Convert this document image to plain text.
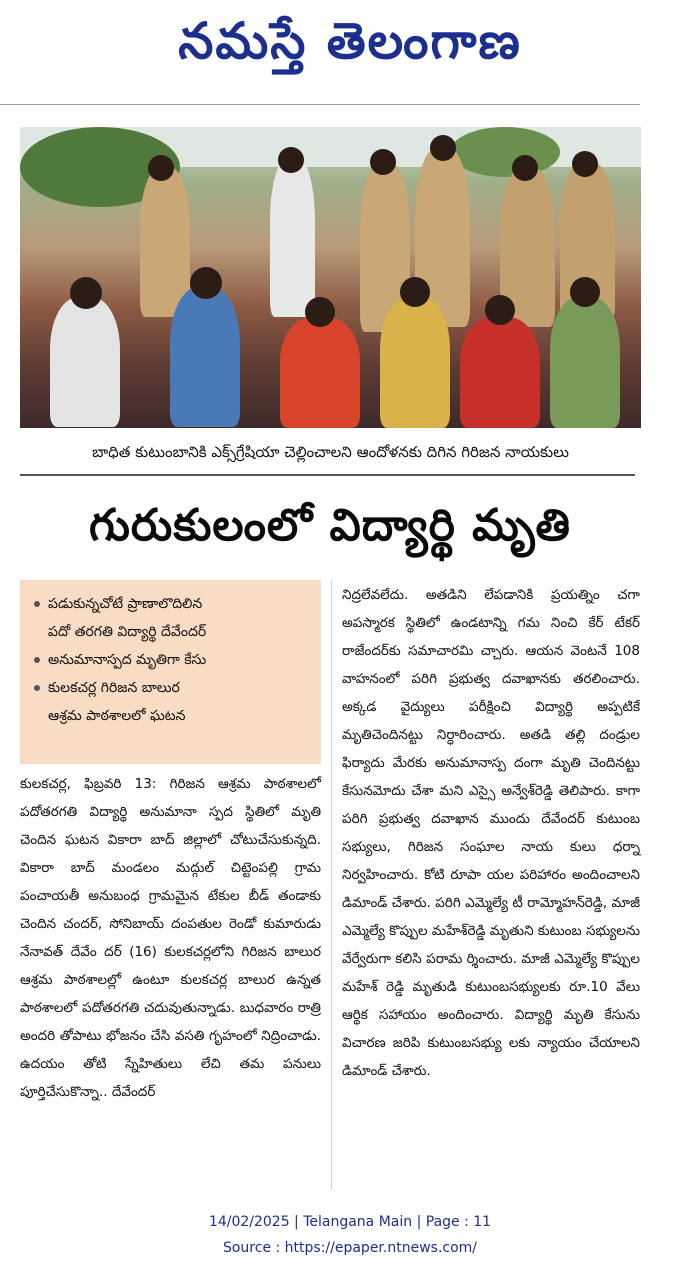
నమస్తే తెలంగాణ
బాధిత కుటుంబానికి ఎక్స్‌గ్రేషియా చెల్లించాలని ఆందోళనకు దిగిన గిరిజన నాయకులు
గురుకులంలో విద్యార్థి మృతి
పడుకున్నచోటే ప్రాణాలొదిలిన
పదో తరగతి విద్యార్థి దేవేందర్
అనుమానాస్పద మృతిగా కేసు
కులకచర్ల గిరిజన బాలుర
ఆశ్రమ పాఠశాలలో ఘటన
కులకచర్ల, ఫిబ్రవరి 13: గిరిజన ఆశ్రమ పాఠశాలలో పదోతరగతి విద్యార్థి అనుమానా స్పద స్థితిలో మృతి చెందిన ఘటన వికారా బాద్ జిల్లాలో చోటుచేసుకున్నది. వికారా బాద్ మండలం మద్గుల్ చిట్టెంపల్లి గ్రామ పంచాయతీ అనుబంధ గ్రామమైన టేకుల బీడ్ తండాకు చెందిన చందర్, సోనిబాయ్ దంపతుల రెండో కుమారుడు నేనావత్ దేవేం దర్ (16) కులకచర్లలోని గిరిజన బాలుర ఆశ్రమ పాఠశాలల్లో ఉంటూ కులకచర్ల బాలుర ఉన్నత పాఠశాలలో పదోతరగతి చదువుతున్నాడు. బుధవారం రాత్రి అందరి తోపాటు భోజనం చేసి వసతి గృహంలో నిద్రించాడు. ఉదయం తోటి స్నేహితులు లేచి తమ పనులు పూర్తిచేసుకొన్నా.. దేవేందర్
నిద్రలేవలేదు. అతడిని లేపడానికి ప్రయత్నిం చగా అపస్మారక స్థితిలో ఉండటాన్ని గమ నించి కేర్ టేకర్ రాజేందర్‌కు సమాచారమి చ్చారు. ఆయన వెంటనే 108 వాహనంలో పరిగి ప్రభుత్వ దవాఖానకు తరలించారు. అక్కడ వైద్యులు పరీక్షించి విద్యార్థి అప్పటికే మృతిచెందినట్టు నిర్ధారించారు. అతడి తల్లి దండ్రుల ఫిర్యాదు మేరకు అనుమానాస్ప దంగా మృతి చెందినట్టు కేసునమోదు చేశా మని ఎస్సై అన్వేశ్‌రెడ్డి తెలిపారు. కాగా పరిగి ప్రభుత్వ దవాఖాన ముందు దేవేందర్ కుటుంబ సభ్యులు, గిరిజన సంఘాల నాయ కులు ధర్నా నిర్వహించారు. కోటి రూపా యల పరిహారం అందించాలని డిమాండ్ చేశారు. పరిగి ఎమ్మెల్యే టీ రామ్మోహన్‌రెడ్డి, మాజీ ఎమ్మెల్యే కొప్పుల మహేశ్‌రెడ్డి మృతుని కుటుంబ సభ్యులను వేర్వేరుగా కలిసి పరామ ర్శించారు. మాజీ ఎమ్మెల్యే కొప్పుల మహేశ్ రెడ్డి మృతుడి కుటుంబసభ్యులకు రూ.10 వేలు ఆర్థిక సహాయం అందించారు. విద్యార్థి మృతి కేసును విచారణ జరిపి కుటుంబసభ్యు లకు న్యాయం చేయాలని డిమాండ్ చేశారు.
14/02/2025 | Telangana Main | Page : 11
Source : https://epaper.ntnews.com/
